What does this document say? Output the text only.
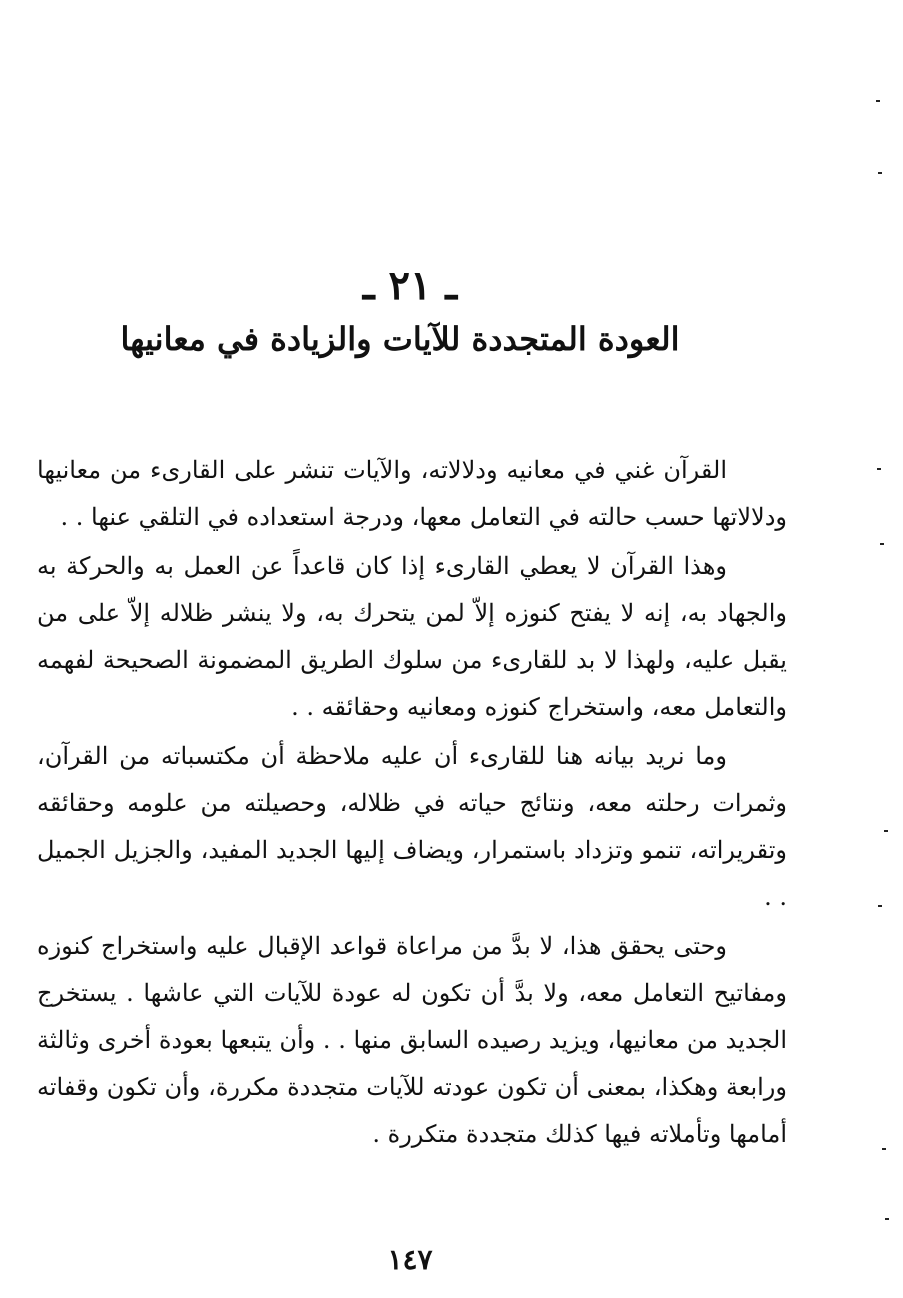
ـ ٢١ ـ
العودة المتجددة للآيات والزيادة في معانيها

القرآن غني في معانيه ودلالاته، والآيات تنشر على القارىء من معانيها ودلالاتها حسب حالته في التعامل معها، ودرجة استعداده في التلقي عنها . .

وهذا القرآن لا يعطي القارىء إذا كان قاعداً عن العمل به والحركة به والجهاد به، إنه لا يفتح كنوزه إلاّ لمن يتحرك به، ولا ينشر ظلاله إلاّ على من يقبل عليه، ولهذا لا بد للقارىء من سلوك الطريق المضمونة الصحيحة لفهمه والتعامل معه، واستخراج كنوزه ومعانيه وحقائقه . .

وما نريد بيانه هنا للقارىء أن عليه ملاحظة أن مكتسباته من القرآن، وثمرات رحلته معه، ونتائج حياته في ظلاله، وحصيلته من علومه وحقائقه وتقريراته، تنمو وتزداد باستمرار، ويضاف إليها الجديد المفيد، والجزيل الجميل . .

وحتى يحقق هذا، لا بدَّ من مراعاة قواعد الإقبال عليه واستخراج كنوزه ومفاتيح التعامل معه، ولا بدَّ أن تكون له عودة للآيات التي عاشها . يستخرج الجديد من معانيها، ويزيد رصيده السابق منها . . وأن يتبعها بعودة أخرى وثالثة ورابعة وهكذا، بمعنى أن تكون عودته للآيات متجددة مكررة، وأن تكون وقفاته أمامها وتأملاته فيها كذلك متجددة متكررة .

١٤٧
